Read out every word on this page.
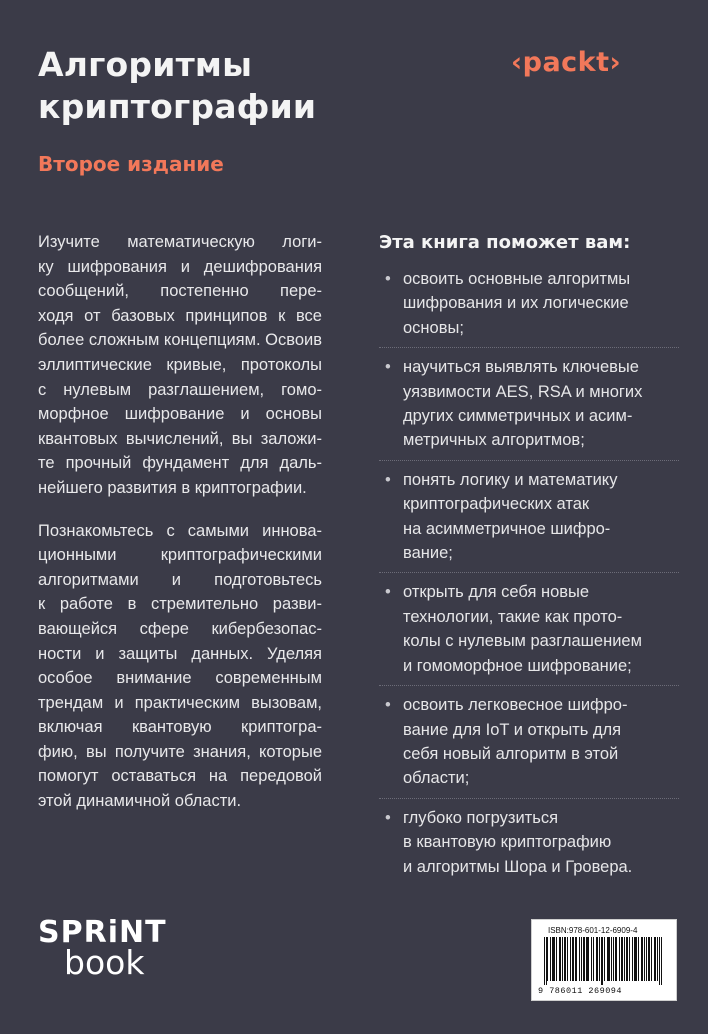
Алгоритмы
криптографии
Второе издание
‹packt›

Изучите математическую логи-
ку шифрования и дешифрования
сообщений, постепенно пере-
ходя от базовых принципов к все
более сложным концепциям. Освоив
эллиптические кривые, протоколы
с нулевым разглашением, гомо-
морфное шифрование и основы
квантовых вычислений, вы заложи-
те прочный фундамент для даль-
нейшего развития в криптографии.

Познакомьтесь с самыми иннова-
ционными криптографическими
алгоритмами и подготовьтесь
к работе в стремительно разви-
вающейся сфере кибербезопас-
ности и защиты данных. Уделяя
особое внимание современным
трендам и практическим вызовам,
включая квантовую криптогра-
фию, вы получите знания, которые
помогут оставаться на передовой
этой динамичной области.

Эта книга поможет вам:
• освоить основные алгоритмы
шифрования и их логические
основы;
• научиться выявлять ключевые
уязвимости AES, RSA и многих
других симметричных и асим-
метричных алгоритмов;
• понять логику и математику
криптографических атак
на асимметричное шифро-
вание;
• открыть для себя новые
технологии, такие как прото-
колы с нулевым разглашением
и гомоморфное шифрование;
• освоить легковесное шифро-
вание для IoT и открыть для
себя новый алгоритм в этой
области;
• глубоко погрузиться
в квантовую криптографию
и алгоритмы Шора и Гровера.
SPRiNT
book
ISBN:978-601-12-6909-4
9 786011 269094
